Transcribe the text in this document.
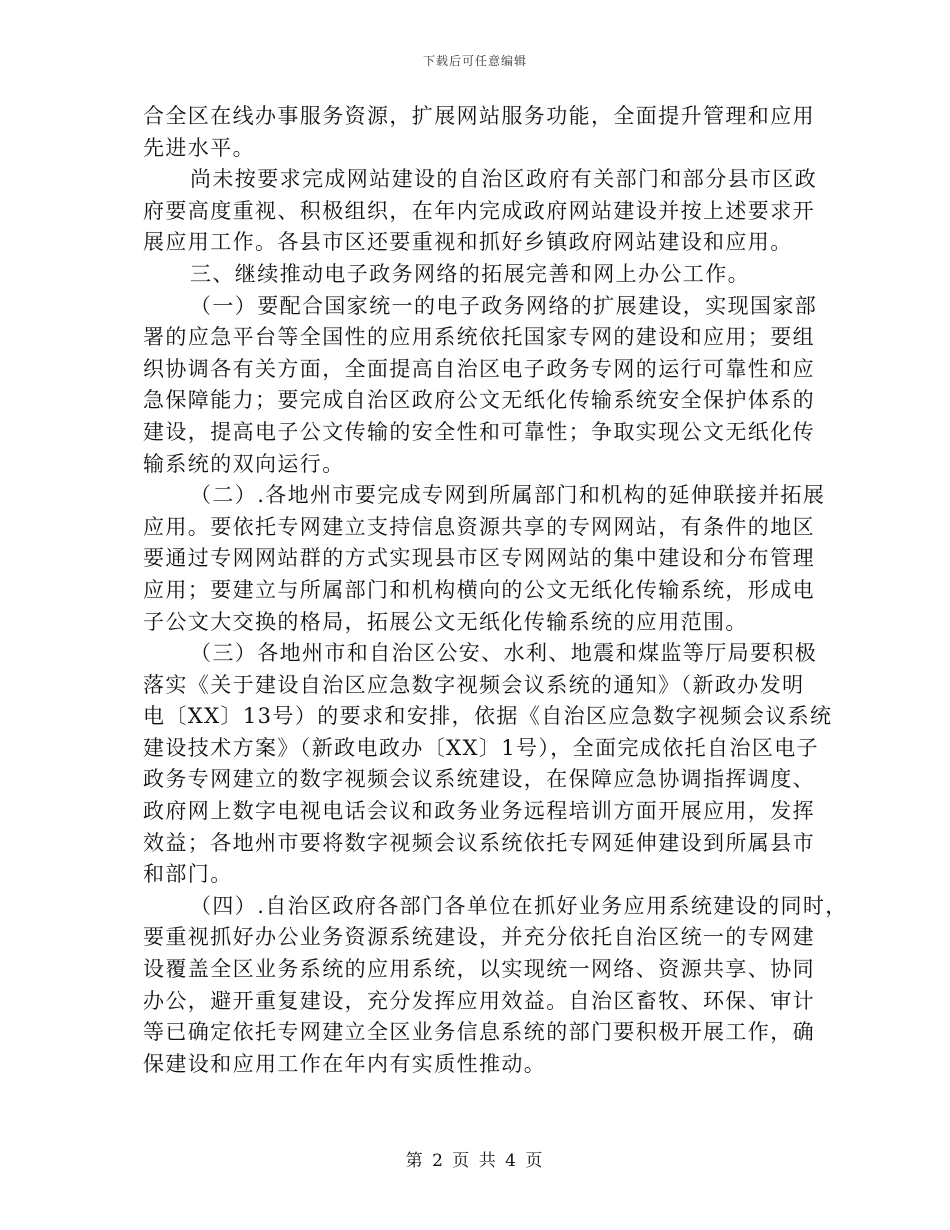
下载后可任意编辑
合全区在线办事服务资源，扩展网站服务功能，全面提升管理和应用
先进水平。
尚未按要求完成网站建设的自治区政府有关部门和部分县市区政
府要高度重视、积极组织，在年内完成政府网站建设并按上述要求开
展应用工作。各县市区还要重视和抓好乡镇政府网站建设和应用。
三、继续推动电子政务网络的拓展完善和网上办公工作。
（一）要配合国家统一的电子政务网络的扩展建设，实现国家部
署的应急平台等全国性的应用系统依托国家专网的建设和应用；要组
织协调各有关方面，全面提高自治区电子政务专网的运行可靠性和应
急保障能力；要完成自治区政府公文无纸化传输系统安全保护体系的
建设，提高电子公文传输的安全性和可靠性；争取实现公文无纸化传
输系统的双向运行。
（二）.各地州市要完成专网到所属部门和机构的延伸联接并拓展
应用。要依托专网建立支持信息资源共享的专网网站，有条件的地区
要通过专网网站群的方式实现县市区专网网站的集中建设和分布管理
应用；要建立与所属部门和机构横向的公文无纸化传输系统，形成电
子公文大交换的格局，拓展公文无纸化传输系统的应用范围。
（三）各地州市和自治区公安、水利、地震和煤监等厅局要积极
落实《关于建设自治区应急数字视频会议系统的通知》（新政办发明
电〔XX〕13号）的要求和安排，依据《自治区应急数字视频会议系统
建设技术方案》（新政电政办〔XX〕1号），全面完成依托自治区电子
政务专网建立的数字视频会议系统建设，在保障应急协调指挥调度、
政府网上数字电视电话会议和政务业务远程培训方面开展应用，发挥
效益；各地州市要将数字视频会议系统依托专网延伸建设到所属县市
和部门。
（四）.自治区政府各部门各单位在抓好业务应用系统建设的同时，
要重视抓好办公业务资源系统建设，并充分依托自治区统一的专网建
设覆盖全区业务系统的应用系统，以实现统一网络、资源共享、协同
办公，避开重复建设，充分发挥应用效益。自治区畜牧、环保、审计
等已确定依托专网建立全区业务信息系统的部门要积极开展工作，确
保建设和应用工作在年内有实质性推动。
第 2 页 共 4 页
